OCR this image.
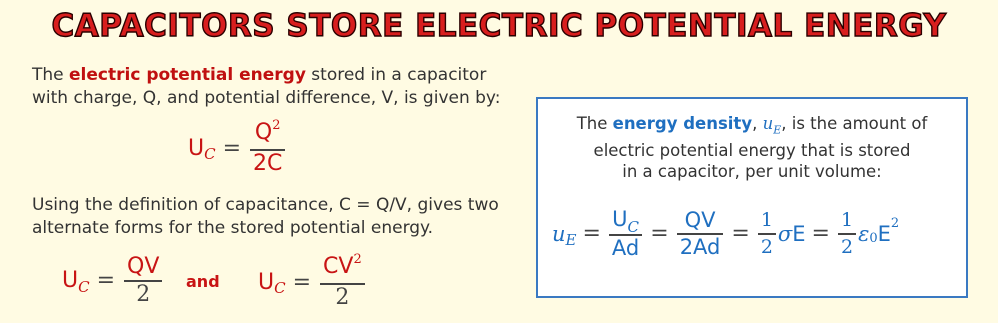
CAPACITORS STORE ELECTRIC POTENTIAL ENERGY
The electric potential energy stored in a capacitor with charge, Q, and potential difference, V, is given by:
U $C = \frac{Q^2}{2C}$
Using the definition of capacitance, C = Q/V, gives two alternate forms for the stored potential energy.
U $C = \frac{QV}{2}$ and U $C = \frac{CV^2}{2}$
The energy density, $u_E$, is the amount of
electric potential energy that is stored
in a capacitor, per unit volume:
u $E = \frac{U_C}{Ad} = \frac{QV}{2Ad} = \frac{1}{2}$ σ $E = \frac{1}{2}$ ε 0 E 2
